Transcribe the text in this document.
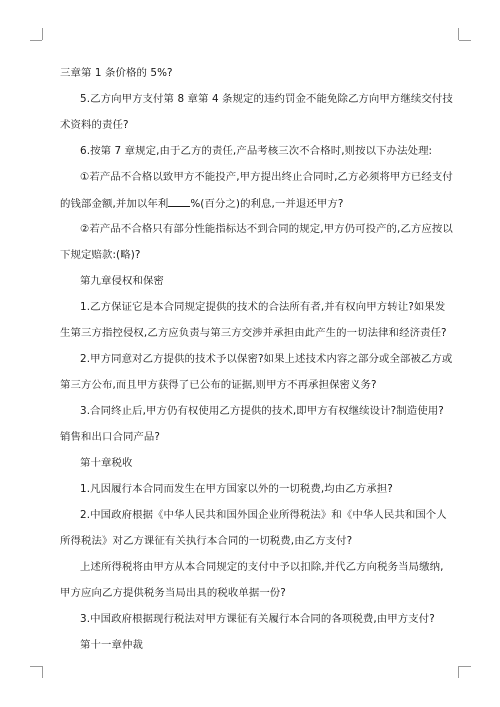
三章第 1 条价格的 5%?
5.乙方向甲方支付第 8 章第 4 条规定的违约罚金不能免除乙方向甲方继续交付技
术资料的责任?
6.按第 7 章规定,由于乙方的责任,产品考核三次不合格时,则按以下办法处理:
①若产品不合格以致甲方不能投产,甲方提出终止合同时,乙方必须将甲方已经支付
的钱部金额,并加以年利 %(百分之)的利息,一并退还甲方?
②若产品不合格只有部分性能指标达不到合同的规定,甲方仍可投产的,乙方应按以
下规定赔款:(略)?
第九章侵权和保密
1.乙方保证它是本合同规定提供的技术的合法所有者,并有权向甲方转让?如果发
生第三方指控侵权,乙方应负责与第三方交涉并承担由此产生的一切法律和经济责任?
2.甲方同意对乙方提供的技术予以保密?如果上述技术内容之部分或全部被乙方或
第三方公布,而且甲方获得了已公布的证据,则甲方不再承担保密义务?
3.合同终止后,甲方仍有权使用乙方提供的技术,即甲方有权继续设计?制造使用?
销售和出口合同产品?
第十章税收
1.凡因履行本合同而发生在甲方国家以外的一切税费,均由乙方承担?
2.中国政府根据《中华人民共和国外国企业所得税法》和《中华人民共和国个人
所得税法》对乙方课征有关执行本合同的一切税费,由乙方支付?
上述所得税将由甲方从本合同规定的支付中予以扣除,并代乙方向税务当局缴纳,
甲方应向乙方提供税务当局出具的税收单据一份?
3.中国政府根据现行税法对甲方课征有关履行本合同的各项税费,由甲方支付?
第十一章仲裁
